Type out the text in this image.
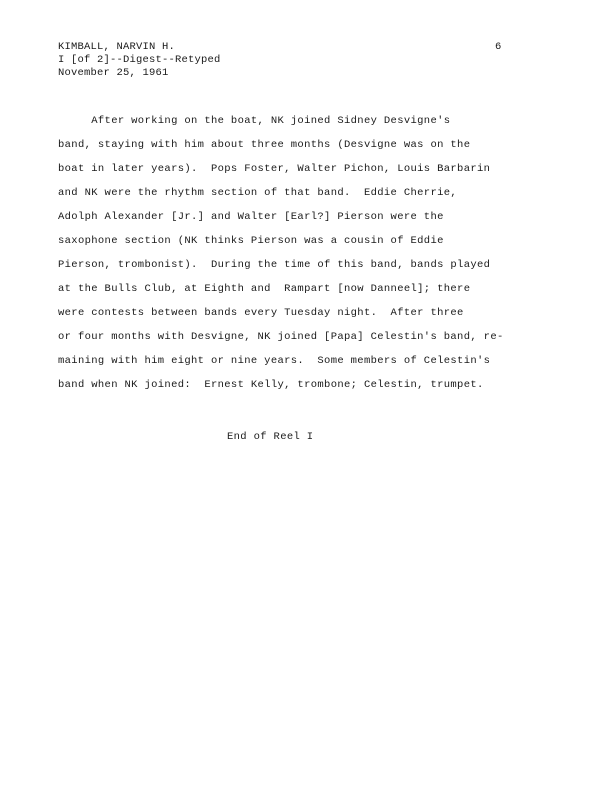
KIMBALL, NARVIN H.
I [of 2]--Digest--Retyped
November 25, 1961
6
After working on the boat, NK joined Sidney Desvigne's
band, staying with him about three months (Desvigne was on the
boat in later years).  Pops Foster, Walter Pichon, Louis Barbarin
and NK were the rhythm section of that band.  Eddie Cherrie,
Adolph Alexander [Jr.] and Walter [Earl?] Pierson were the
saxophone section (NK thinks Pierson was a cousin of Eddie
Pierson, trombonist).  During the time of this band, bands played
at the Bulls Club, at Eighth and  Rampart [now Danneel]; there
were contests between bands every Tuesday night.  After three
or four months with Desvigne, NK joined [Papa] Celestin's band, re-
maining with him eight or nine years.  Some members of Celestin's
band when NK joined:  Ernest Kelly, trombone; Celestin, trumpet.
End of Reel I
